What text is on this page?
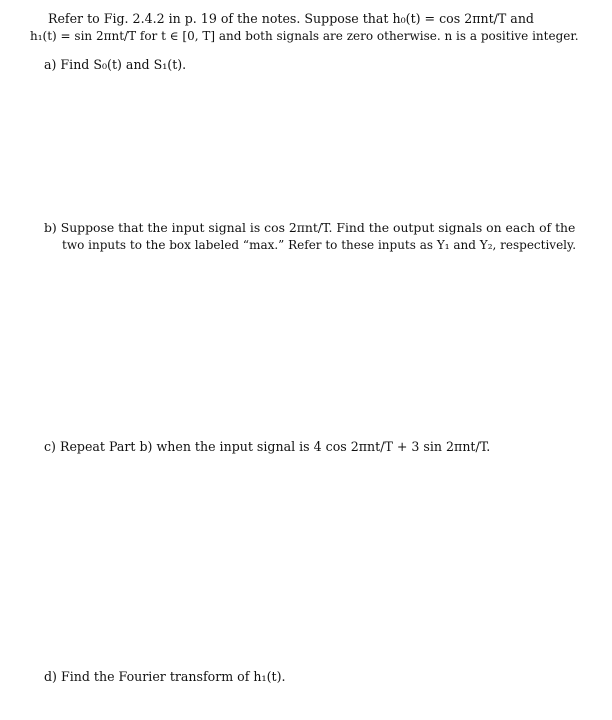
Refer to Fig. 2.4.2 in p. 19 of the notes. Suppose that h₀(t) = cos 2πnt/T and
h₁(t) = sin 2πnt/T for t ∈ [0, T] and both signals are zero otherwise. n is a positive integer.
a) Find S₀(t) and S₁(t).
b) Suppose that the input signal is cos 2πnt/T. Find the output signals on each of the
two inputs to the box labeled “max.” Refer to these inputs as Y₁ and Y₂, respectively.
c) Repeat Part b) when the input signal is 4 cos 2πnt/T + 3 sin 2πnt/T.
d) Find the Fourier transform of h₁(t).
